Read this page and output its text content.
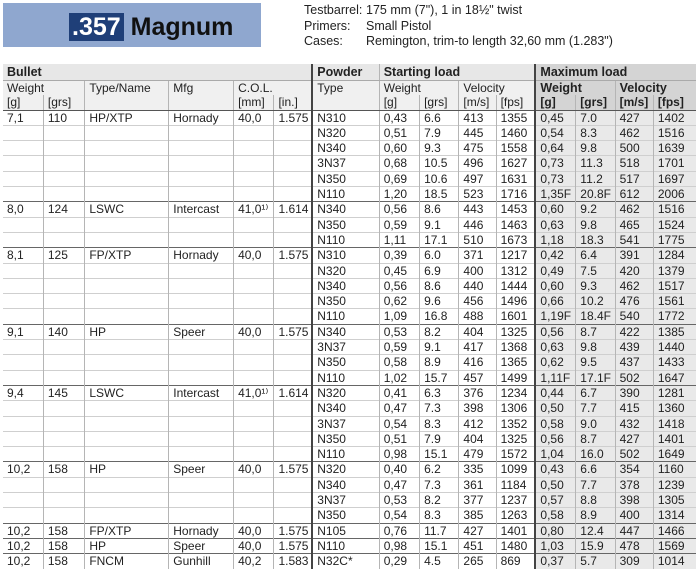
.357 Magnum
Testbarrel: 175 mm (7"), 1 in 18½" twist
Primers: Small Pistol
Cases: Remington, trim-to length 32,60 mm (1.283")
Bullet						Powder	Starting load				Maximum load			
Weight		Type/Name	Mfg	C.O.L.		Type	Weight		Velocity		Weight		Velocity	
[g]	[grs]			[mm]	[in.]		[g]	[grs]	[m/s]	[fps]	[g]	[grs]	[m/s]	[fps]
7,1	110	HP/XTP	Hornady	40,0	1.575	N310	0,43	6.6	413	1355	0,45	7.0	427	1402
						N320	0,51	7.9	445	1460	0,54	8.3	462	1516
						N340	0,60	9.3	475	1558	0,64	9.8	500	1639
						3N37	0,68	10.5	496	1627	0,73	11.3	518	1701
						N350	0,69	10.6	497	1631	0,73	11.2	517	1697
						N110	1,20	18.5	523	1716	1,35F	20.8F	612	2006
8,0	124	LSWC	Intercast	41,0¹⁾	1.614	N340	0,56	8.6	443	1453	0,60	9.2	462	1516
						N350	0,59	9.1	446	1463	0,63	9.8	465	1524
						N110	1,11	17.1	510	1673	1,18	18.3	541	1775
8,1	125	FP/XTP	Hornady	40,0	1.575	N310	0,39	6.0	371	1217	0,42	6.4	391	1284
						N320	0,45	6.9	400	1312	0,49	7.5	420	1379
						N340	0,56	8.6	440	1444	0,60	9.3	462	1517
						N350	0,62	9.6	456	1496	0,66	10.2	476	1561
						N110	1,09	16.8	488	1601	1,19F	18.4F	540	1772
9,1	140	HP	Speer	40,0	1.575	N340	0,53	8.2	404	1325	0,56	8.7	422	1385
						3N37	0,59	9.1	417	1368	0,63	9.8	439	1440
						N350	0,58	8.9	416	1365	0,62	9.5	437	1433
						N110	1,02	15.7	457	1499	1,11F	17.1F	502	1647
9,4	145	LSWC	Intercast	41,0¹⁾	1.614	N320	0,41	6.3	376	1234	0,44	6.7	390	1281
						N340	0,47	7.3	398	1306	0,50	7.7	415	1360
						3N37	0,54	8.3	412	1352	0,58	9.0	432	1418
						N350	0,51	7.9	404	1325	0,56	8.7	427	1401
						N110	0,98	15.1	479	1572	1,04	16.0	502	1649
10,2	158	HP	Speer	40,0	1.575	N320	0,40	6.2	335	1099	0,43	6.6	354	1160
						N340	0,47	7.3	361	1184	0,50	7.7	378	1239
						3N37	0,53	8.2	377	1237	0,57	8.8	398	1305
						N350	0,54	8.3	385	1263	0,58	8.9	400	1314
10,2	158	FP/XTP	Hornady	40,0	1.575	N105	0,76	11.7	427	1401	0,80	12.4	447	1466
10,2	158	HP	Speer	40,0	1.575	N110	0,98	15.1	451	1480	1,03	15.9	478	1569
10,2	158	FNCM	Gunhill	40,2	1.583	N32C*	0,29	4.5	265	869	0,37	5.7	309	1014
